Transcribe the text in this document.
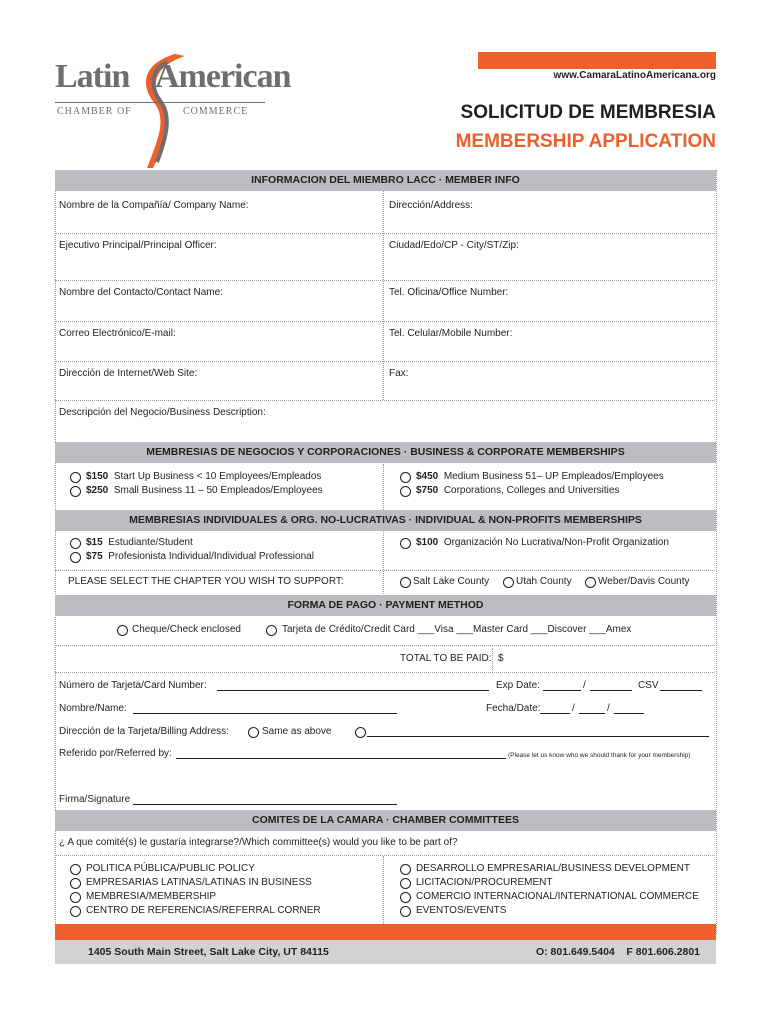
Latin American
CHAMBER OF	COMMERCE
www.CamaraLatinoAmericana.org
SOLICITUD DE MEMBRESIA
MEMBERSHIP APPLICATION
INFORMACION DEL MIEMBRO LACC · MEMBER INFO
Nombre de la Compañía/ Company Name:	Dirección/Address:
Ejecutivo Principal/Principal Officer:	Ciudad/Edo/CP - City/ST/Zip:
Nombre del Contacto/Contact Name:	Tel. Oficina/Office Number:
Correo Electrónico/E-mail:	Tel. Celular/Mobile Number:
Dirección de Internet/Web Site:	Fax:
Descripción del Negocio/Business Description:
MEMBRESIAS DE NEGOCIOS Y CORPORACIONES · BUSINESS & CORPORATE MEMBERSHIPS
$150 Start Up Business < 10 Employees/Empleados
$250 Small Business 11 – 50 Empleados/Employees
$450 Medium Business 51– UP Empleados/Employees
$750 Corporations, Colleges and Universities
MEMBRESIAS INDIVIDUALES & ORG. NO-LUCRATIVAS · INDIVIDUAL & NON-PROFITS MEMBERSHIPS
$15 Estudiante/Student
$75 Profesionista Individual/Individual Professional
$100 Organización No Lucrativa/Non-Profit Organization
PLEASE SELECT THE CHAPTER YOU WISH TO SUPPORT:	Salt Lake County	Utah County	Weber/Davis County
FORMA DE PAGO · PAYMENT METHOD
Cheque/Check enclosed	Tarjeta de Crédito/Credit Card ___Visa ___Master Card ___Discover ___Amex
TOTAL TO BE PAID: $
Número de Tarjeta/Card Number:	Exp Date:	/	CSV
Nombre/Name:	Fecha/Date:	/	/
Dirección de la Tarjeta/Billing Address:	Same as above
Referido por/Referred by:	(Please let us know who we should thank for your membership)
Firma/Signature
COMITES DE LA CAMARA · CHAMBER COMMITTEES
¿ A que comité(s) le gustaría integrarse?/Which committee(s) would you like to be part of?
POLITICA PÚBLICA/PUBLIC POLICY
EMPRESARIAS LATINAS/LATINAS IN BUSINESS
MEMBRESIA/MEMBERSHIP
CENTRO DE REFERENCIAS/REFERRAL CORNER
DESARROLLO EMPRESARIAL/BUSINESS DEVELOPMENT
LICITACION/PROCUREMENT
COMERCIO INTERNACIONAL/INTERNATIONAL COMMERCE
EVENTOS/EVENTS
1405 South Main Street, Salt Lake City, UT 84115	O: 801.649.5404    F 801.606.2801
